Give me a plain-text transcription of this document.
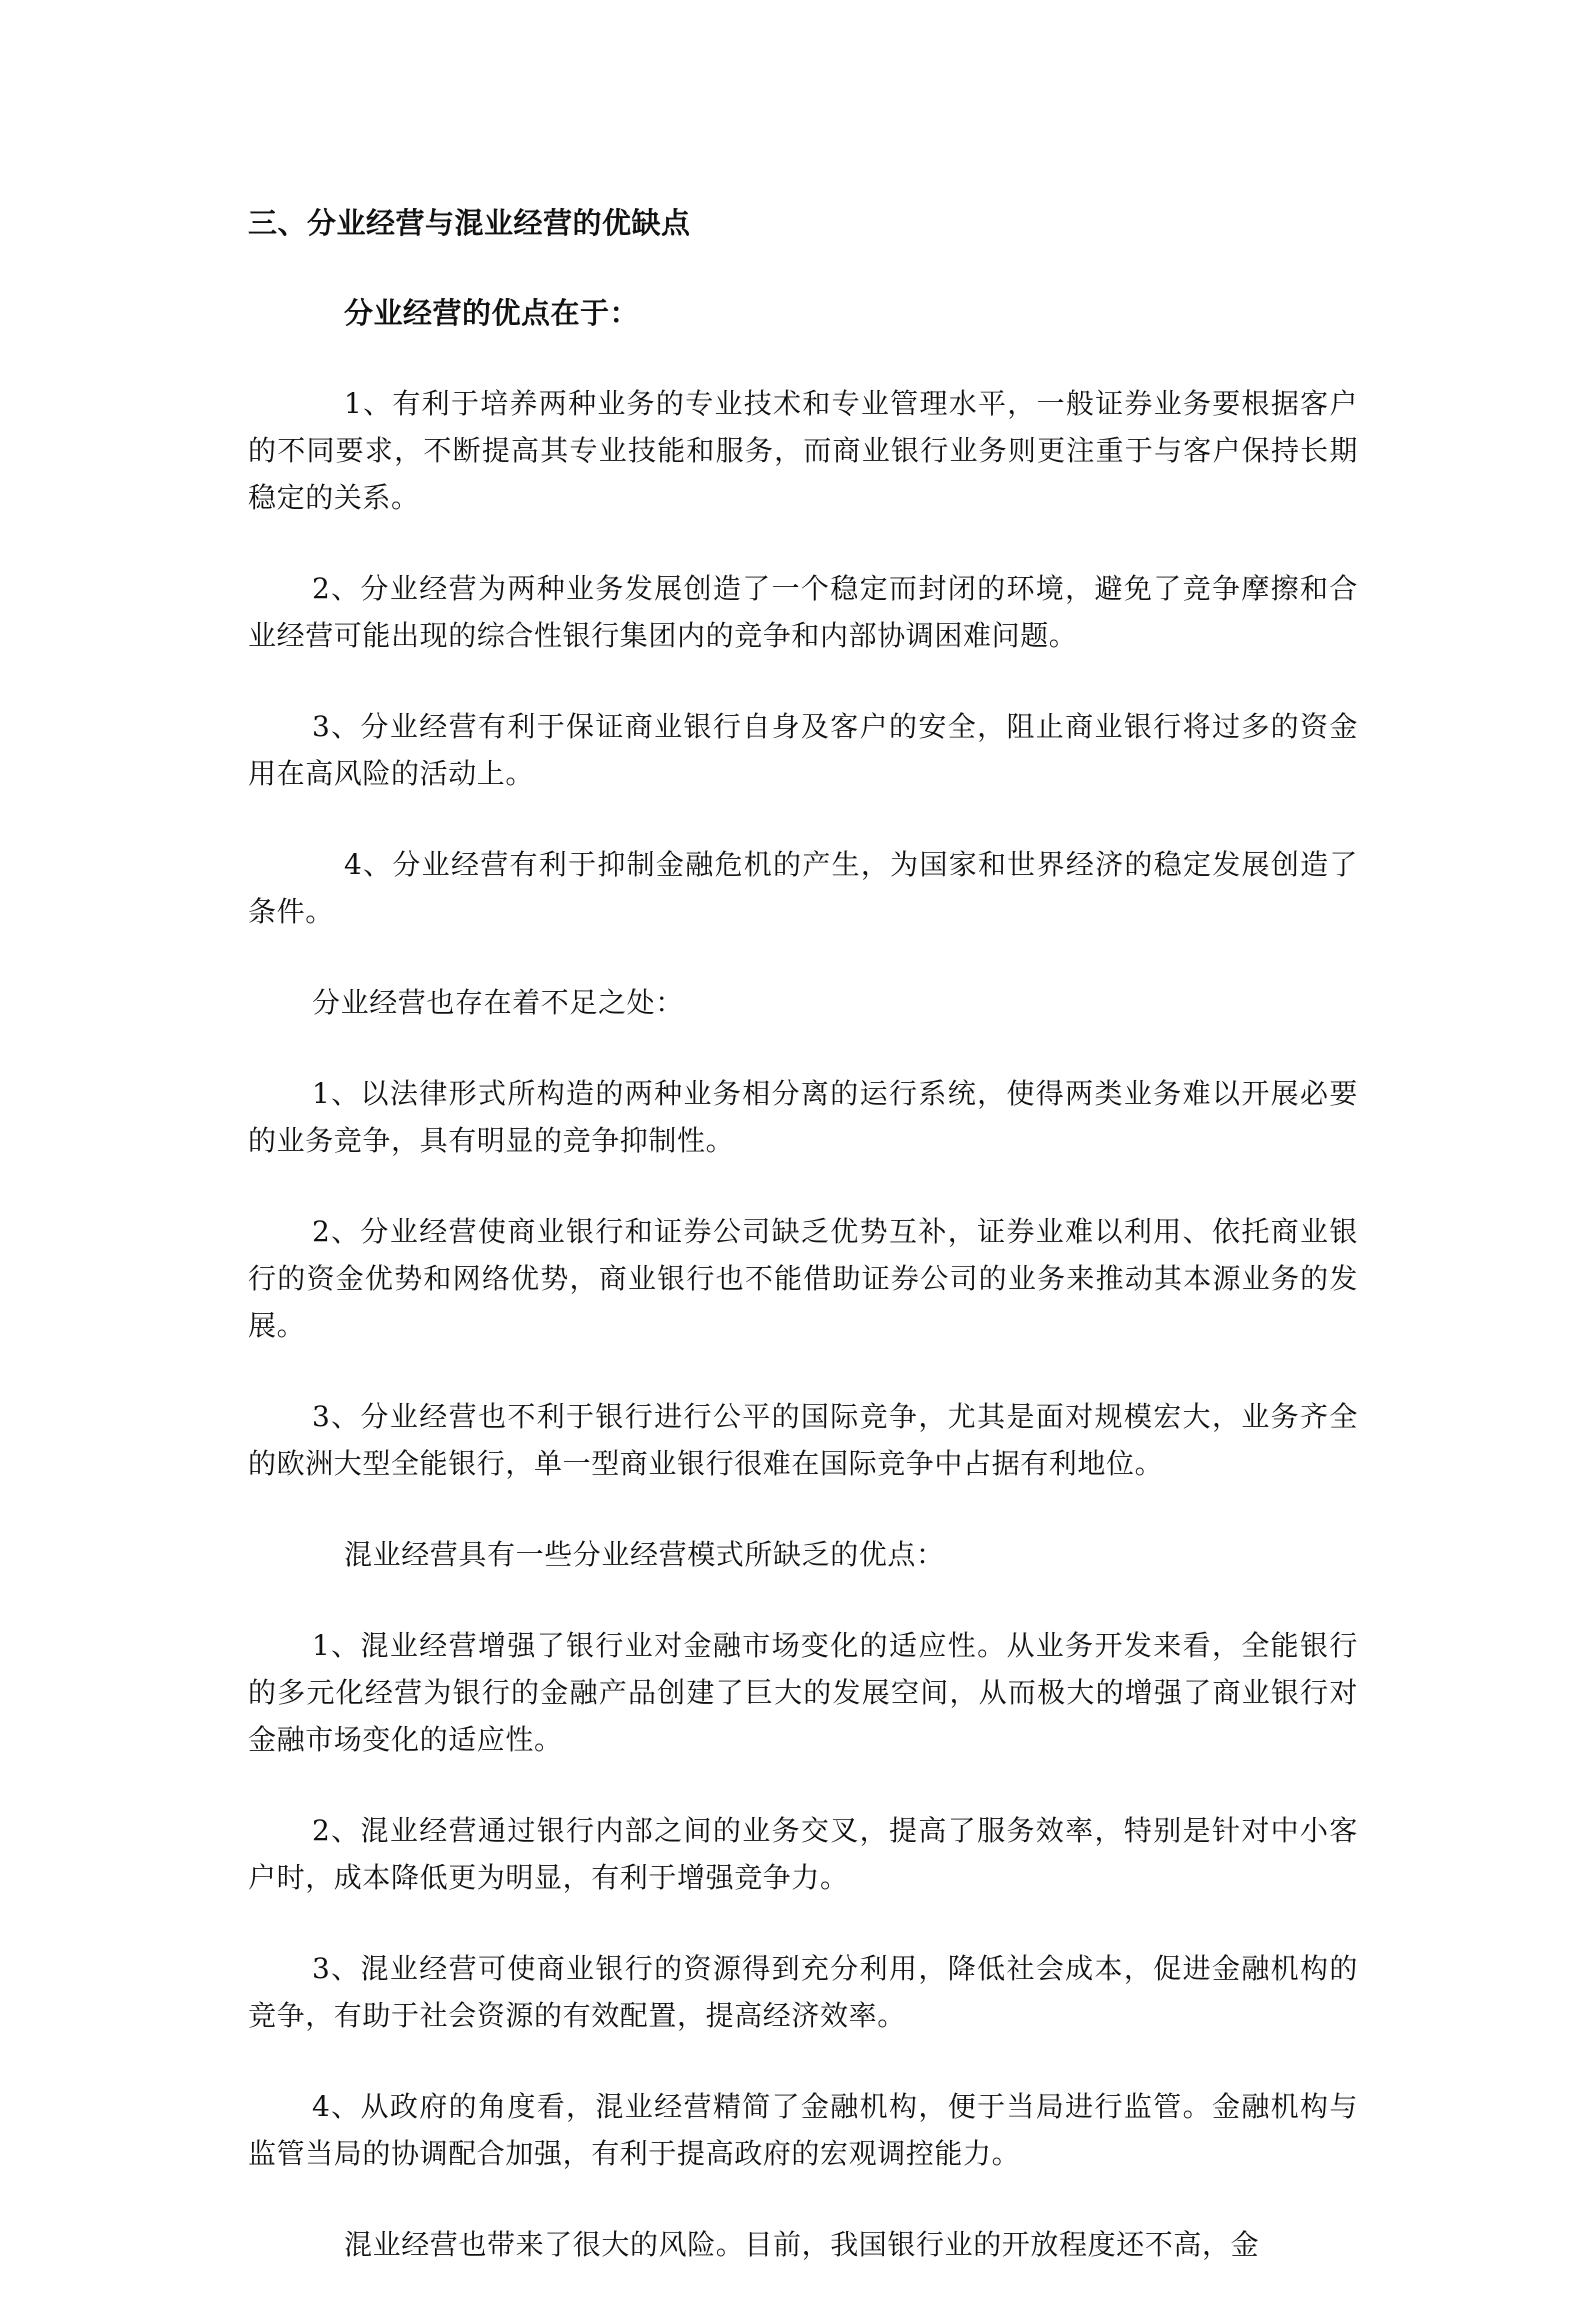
三、分业经营与混业经营的优缺点
分业经营的优点在于：

1、有利于培养两种业务的专业技术和专业管理水平，一般证券业务要根据客户的不同要求，不断提高其专业技能和服务，而商业银行业务则更注重于与客户保持长期稳定的关系。

2、分业经营为两种业务发展创造了一个稳定而封闭的环境，避免了竞争摩擦和合业经营可能出现的综合性银行集团内的竞争和内部协调困难问题。

3、分业经营有利于保证商业银行自身及客户的安全，阻止商业银行将过多的资金用在高风险的活动上。

4、分业经营有利于抑制金融危机的产生，为国家和世界经济的稳定发展创造了条件。

分业经营也存在着不足之处：

1、以法律形式所构造的两种业务相分离的运行系统，使得两类业务难以开展必要的业务竞争，具有明显的竞争抑制性。

2、分业经营使商业银行和证券公司缺乏优势互补，证券业难以利用、依托商业银行的资金优势和网络优势，商业银行也不能借助证券公司的业务来推动其本源业务的发展。

3、分业经营也不利于银行进行公平的国际竞争，尤其是面对规模宏大，业务齐全的欧洲大型全能银行，单一型商业银行很难在国际竞争中占据有利地位。

混业经营具有一些分业经营模式所缺乏的优点：

1、混业经营增强了银行业对金融市场变化的适应性。从业务开发来看，全能银行的多元化经营为银行的金融产品创建了巨大的发展空间，从而极大的增强了商业银行对金融市场变化的适应性。

2、混业经营通过银行内部之间的业务交叉，提高了服务效率，特别是针对中小客户时，成本降低更为明显，有利于增强竞争力。

3、混业经营可使商业银行的资源得到充分利用，降低社会成本，促进金融机构的竞争，有助于社会资源的有效配置，提高经济效率。

4、从政府的角度看，混业经营精简了金融机构，便于当局进行监管。金融机构与监管当局的协调配合加强，有利于提高政府的宏观调控能力。

混业经营也带来了很大的风险。目前，我国银行业的开放程度还不高，金
